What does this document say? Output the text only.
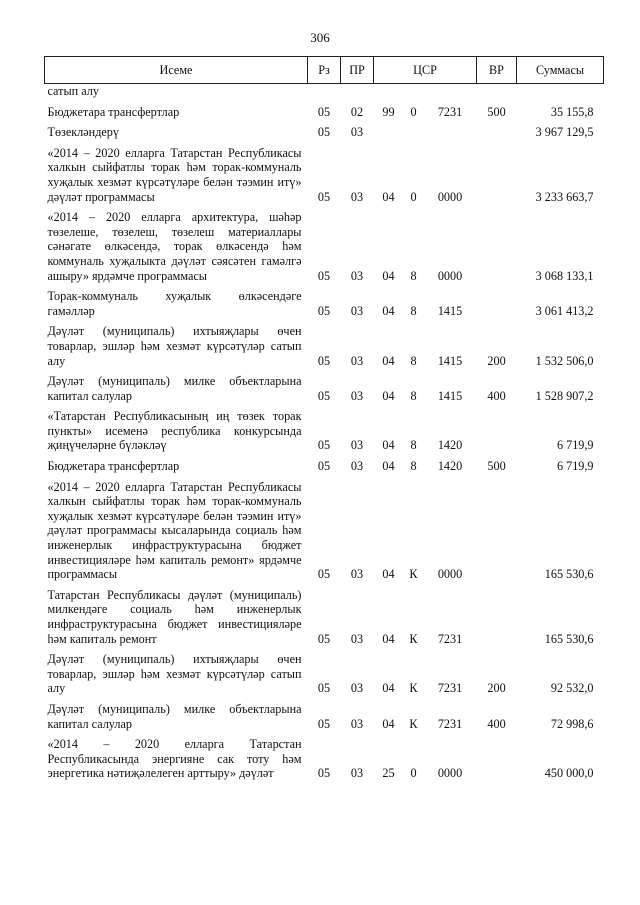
306
Исеме	Рз	ПР	ЦСР			ВР	Суммасы
сатып алу							
Бюджетара трансфертлар	05	02	99	0	7231	500	35 155,8
Төзекләндерү	05	03					3 967 129,5
«2014 – 2020 елларга Татарстан Республикасы халкын сыйфатлы торак һәм торак-коммуналь хуҗалык хезмәт күрсәтүләре белән тәэмин итү» дәүләт программасы	05	03	04	0	0000		3 233 663,7
«2014 – 2020 елларга архитектура, шәһәр төзелеше, төзелеш, төзелеш материаллары сәнәгате өлкәсендә, торак өлкәсендә һәм коммуналь хуҗалыкта дәүләт сәясәтен гамәлгә ашыру» ярдәмче программасы	05	03	04	8	0000		3 068 133,1
Торак-коммуналь хуҗалык өлкәсендәге гамәлләр	05	03	04	8	1415		3 061 413,2
Дәүләт (муниципаль) ихтыяҗлары өчен товарлар, эшләр һәм хезмәт күрсәтүләр сатып алу	05	03	04	8	1415	200	1 532 506,0
Дәүләт (муниципаль) милке объектларына капитал салулар	05	03	04	8	1415	400	1 528 907,2
«Татарстан Республикасының иң төзек торак пункты» исеменә республика конкурсында җиңүчеләрне бүләкләү	05	03	04	8	1420		6 719,9
Бюджетара трансфертлар	05	03	04	8	1420	500	6 719,9
«2014 – 2020 елларга Татарстан Республикасы халкын сыйфатлы торак һәм торак-коммуналь хуҗалык хезмәт күрсәтүләре белән тәэмин итү» дәүләт программасы кысаларында социаль һәм инженерлык инфраструктурасына бюджет инвестицияләре һәм капиталь ремонт» ярдәмче программасы	05	03	04	К	0000		165 530,6
Татарстан Республикасы дәүләт (муниципаль) милкендәге социаль һәм инженерлык инфраструктурасына бюджет инвестицияләре һәм капиталь ремонт	05	03	04	К	7231		165 530,6
Дәүләт (муниципаль) ихтыяҗлары өчен товарлар, эшләр һәм хезмәт күрсәтүләр сатып алу	05	03	04	К	7231	200	92 532,0
Дәүләт (муниципаль) милке объектларына капитал салулар	05	03	04	К	7231	400	72 998,6
«2014 – 2020 елларга Татарстан Республикасында энергияне сак тоту һәм энергетика нәтиҗәлелеген арттыру» дәүләт	05	03	25	0	0000		450 000,0
